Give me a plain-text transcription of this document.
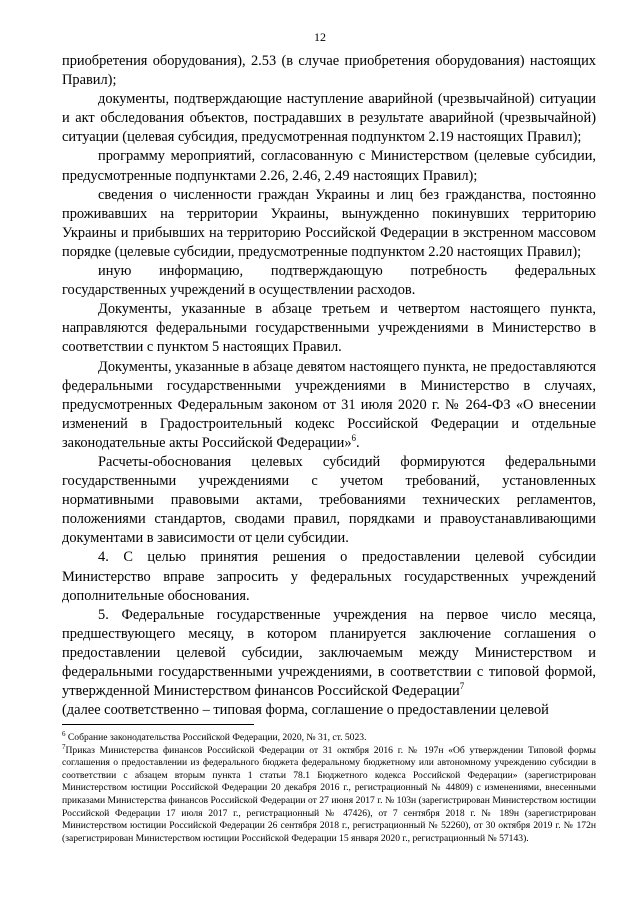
12

приобретения оборудования), 2.53 (в случае приобретения оборудования) настоящих Правил);

документы, подтверждающие наступление аварийной (чрезвычайной) ситуации и акт обследования объектов, пострадавших в результате аварийной (чрезвычайной) ситуации (целевая субсидия, предусмотренная подпунктом 2.19 настоящих Правил);

программу мероприятий, согласованную с Министерством (целевые субсидии, предусмотренные подпунктами 2.26, 2.46, 2.49 настоящих Правил);

сведения о численности граждан Украины и лиц без гражданства, постоянно проживавших на территории Украины, вынужденно покинувших территорию Украины и прибывших на территорию Российской Федерации в экстренном массовом порядке (целевые субсидии, предусмотренные подпунктом 2.20 настоящих Правил);

иную информацию, подтверждающую потребность федеральных государственных учреждений в осуществлении расходов.

Документы, указанные в абзаце третьем и четвертом настоящего пункта, направляются федеральными государственными учреждениями в Министерство в соответствии с пунктом 5 настоящих Правил.

Документы, указанные в абзаце девятом настоящего пункта, не предоставляются федеральными государственными учреждениями в Министерство в случаях, предусмотренных Федеральным законом от 31 июля 2020 г. № 264-ФЗ «О внесении изменений в Градостроительный кодекс Российской Федерации и отдельные законодательные акты Российской Федерации»$^6$.

Расчеты-обоснования целевых субсидий формируются федеральными государственными учреждениями с учетом требований, установленных нормативными правовыми актами, требованиями технических регламентов, положениями стандартов, сводами правил, порядками и правоустанавливающими документами в зависимости от цели субсидии.

4. С целью принятия решения о предоставлении целевой субсидии Министерство вправе запросить у федеральных государственных учреждений дополнительные обоснования.

5. Федеральные государственные учреждения на первое число месяца, предшествующего месяцу, в котором планируется заключение соглашения о предоставлении целевой субсидии, заключаемым между Министерством и федеральными государственными учреждениями, в соответствии с типовой формой, утвержденной Министерством финансов Российской Федерации$^7$

(далее соответственно – типовая форма, соглашение о предоставлении целевой

$^6$ Собрание законодательства Российской Федерации, 2020, № 31, ст. 5023.

$^7$Приказ Министерства финансов Российской Федерации от 31 октября 2016 г. № 197н «Об утверждении Типовой формы соглашения о предоставлении из федерального бюджета федеральному бюджетному или автономному учреждению субсидии в соответствии с абзацем вторым пункта 1 статьи 78.1 Бюджетного кодекса Российской Федерации» (зарегистрирован Министерством юстиции Российской Федерации 20 декабря 2016 г., регистрационный № 44809) с изменениями, внесенными приказами Министерства финансов Российской Федерации от 27 июня 2017 г. № 103н (зарегистрирован Министерством юстиции Российской Федерации 17 июля 2017 г., регистрационный № 47426), от 7 сентября 2018 г. № 189н (зарегистрирован Министерством юстиции Российской Федерации 26 сентября 2018 г., регистрационный № 52260), от 30 октября 2019 г. № 172н (зарегистрирован Министерством юстиции Российской Федерации 15 января 2020 г., регистрационный № 57143).
